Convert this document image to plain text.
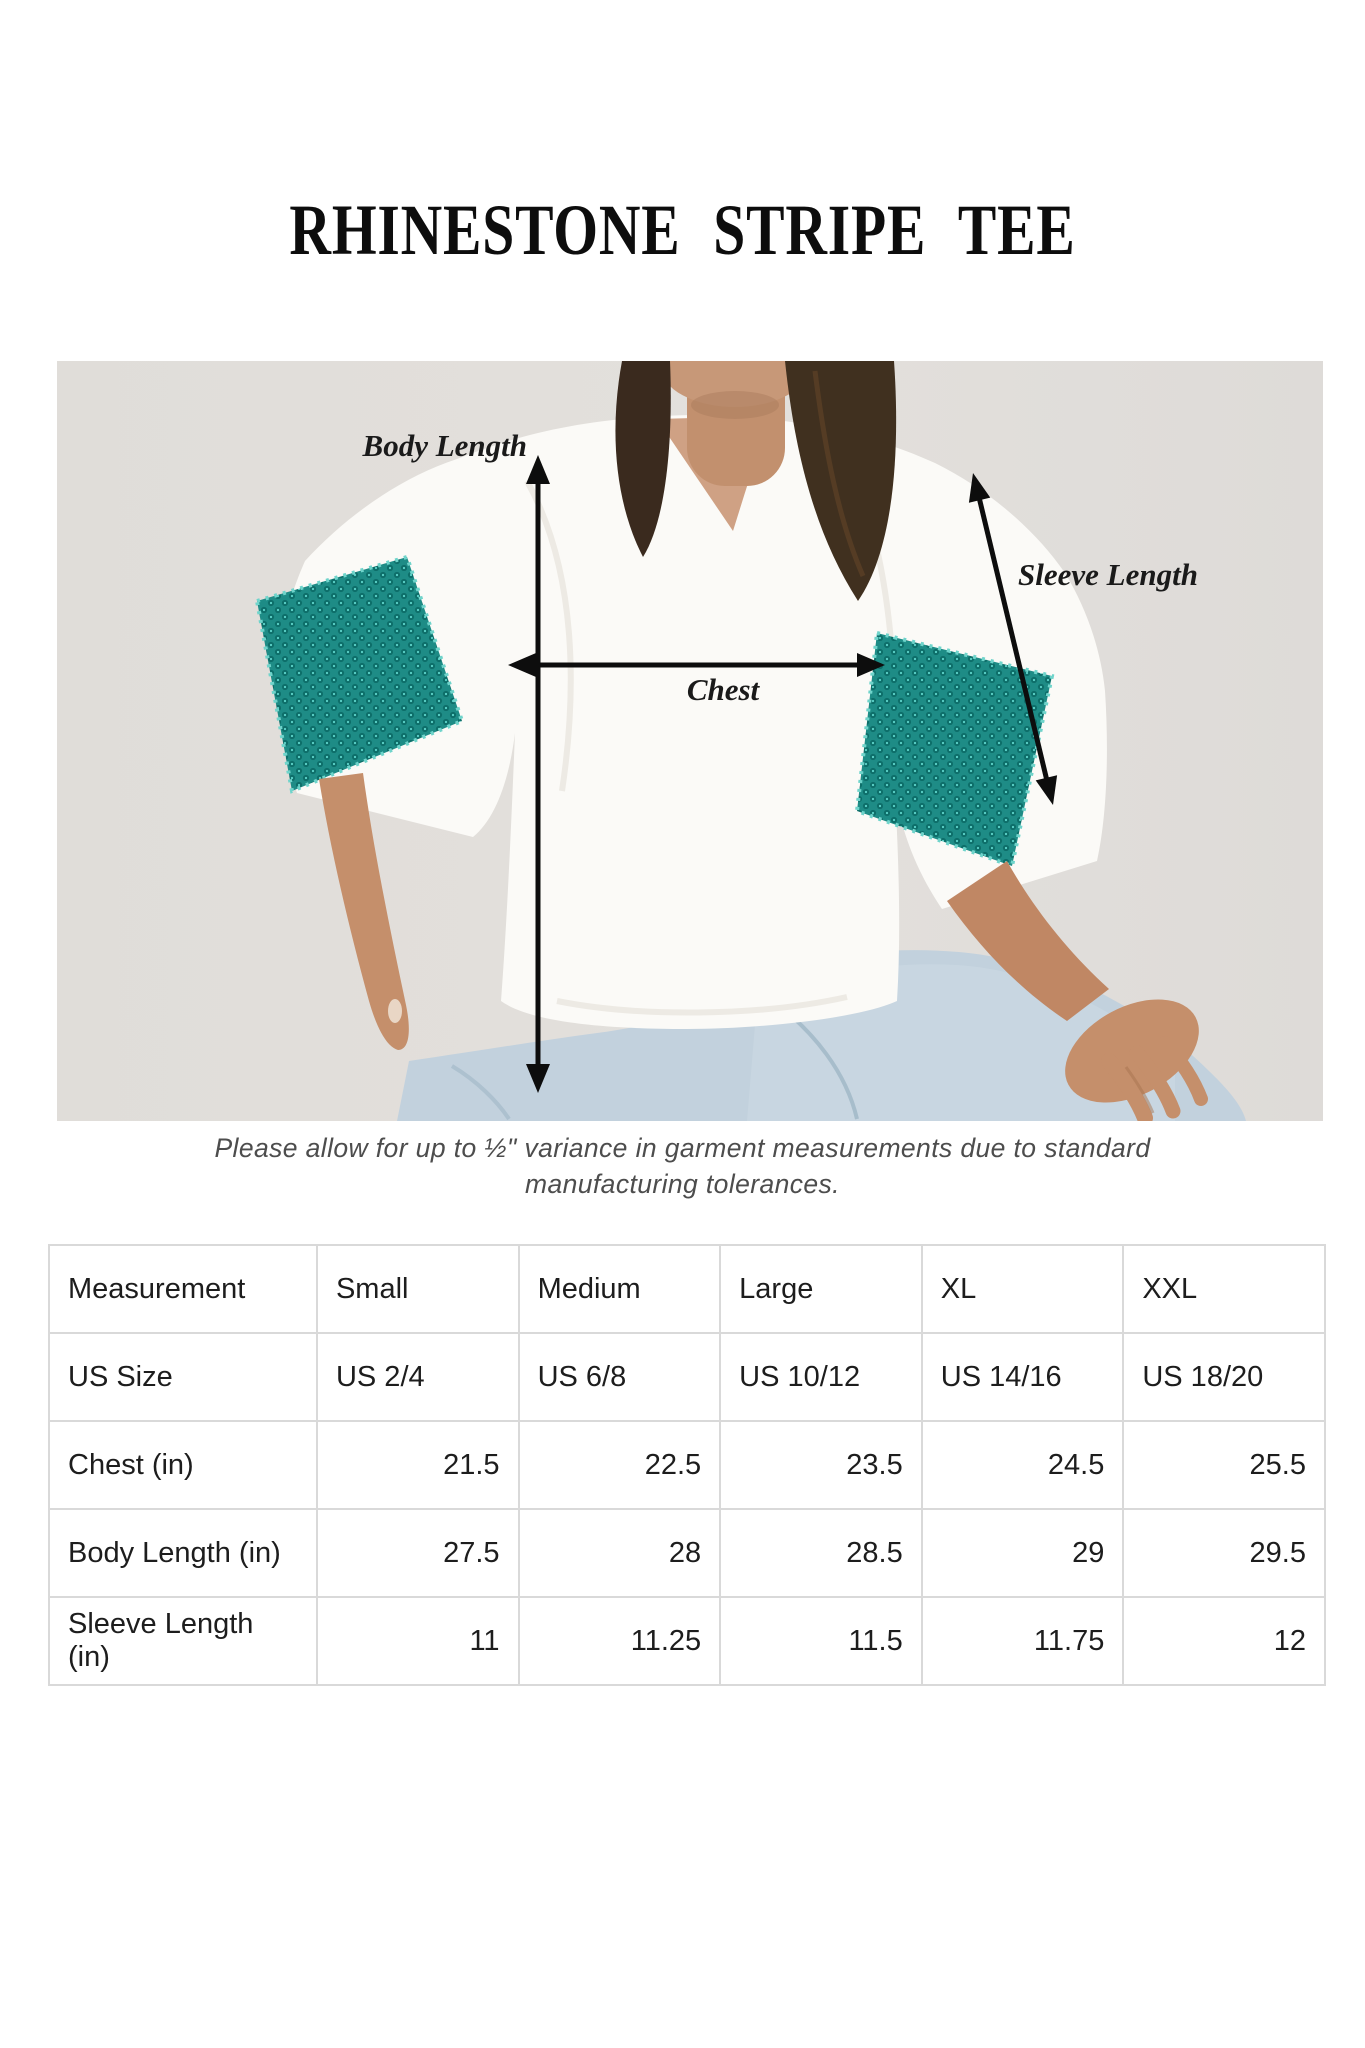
RHINESTONE STRIPE TEE
Body Length
Chest
Sleeve Length

Please allow for up to ½" variance in garment measurements due to standard
manufacturing tolerances.

Measurement	Small	Medium	Large	XL	XXL
US Size	US 2/4	US 6/8	US 10/12	US 14/16	US 18/20
Chest (in)	21.5	22.5	23.5	24.5	25.5
Body Length (in)	27.5	28	28.5	29	29.5
Sleeve Length (in)	11	11.25	11.5	11.75	12
